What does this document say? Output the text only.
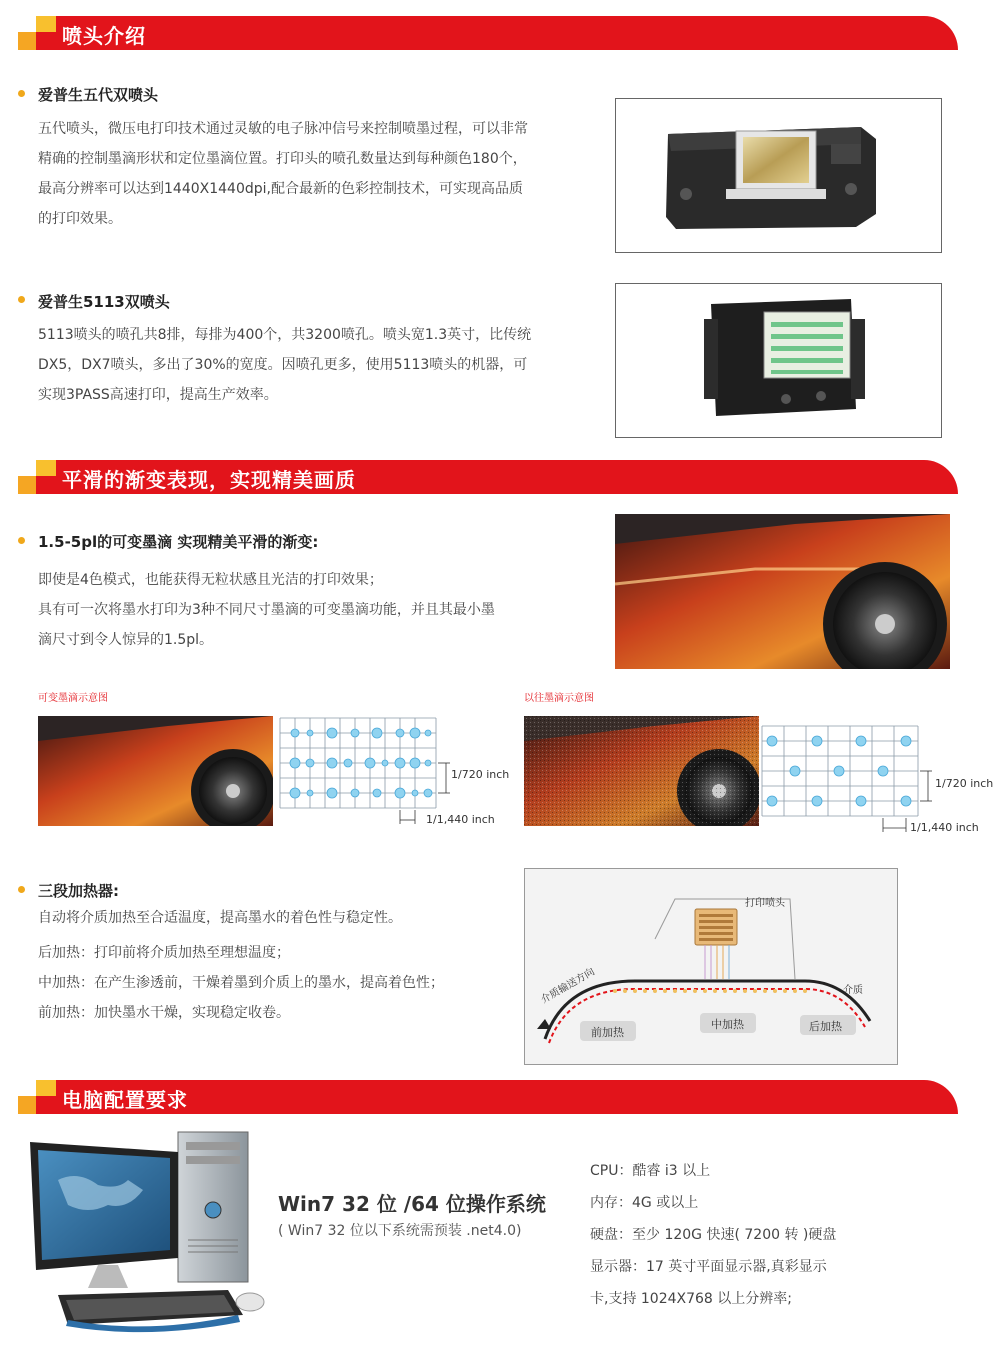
喷头介绍
爱普生五代双喷头
五代喷头，微压电打印技术通过灵敏的电子脉冲信号来控制喷墨过程，可以非常
精确的控制墨滴形状和定位墨滴位置。打印头的喷孔数量达到每种颜色180个，
最高分辨率可以达到1440X1440dpi,配合最新的色彩控制技术，可实现高品质
的打印效果。
爱普生5113双喷头
5113喷头的喷孔共8排，每排为400个，共3200喷孔。喷头宽1.3英寸，比传统
DX5，DX7喷头，多出了30%的宽度。因喷孔更多，使用5113喷头的机器，可
实现3PASS高速打印，提高生产效率。
平滑的渐变表现，实现精美画质
1.5-5pl的可变墨滴 实现精美平滑的渐变:
即使是4色模式，也能获得无粒状感且光洁的打印效果；
具有可一次将墨水打印为3种不同尺寸墨滴的可变墨滴功能，并且其最小墨
滴尺寸到令人惊异的1.5pl。
可变墨滴示意图
1/720 inch
1/1,440 inch
以往墨滴示意图
1/720 inch
1/1,440 inch
三段加热器:
自动将介质加热至合适温度，提高墨水的着色性与稳定性。
后加热：打印前将介质加热至理想温度；
中加热：在产生渗透前，干燥着墨到介质上的墨水，提高着色性；
前加热：加快墨水干燥，实现稳定收卷。
打印喷头
介质输送方向	介质
前加热
中加热	后加热
电脑配置要求
Win7 32 位 /64 位操作系统
( Win7 32 位以下系统需预装 .net4.0)
CPU：酷睿 i3 以上
内存：4G 或以上
硬盘：至少 120G 快速( 7200 转 )硬盘
显示器：17 英寸平面显示器,真彩显示
卡,支持 1024X768 以上分辨率;
